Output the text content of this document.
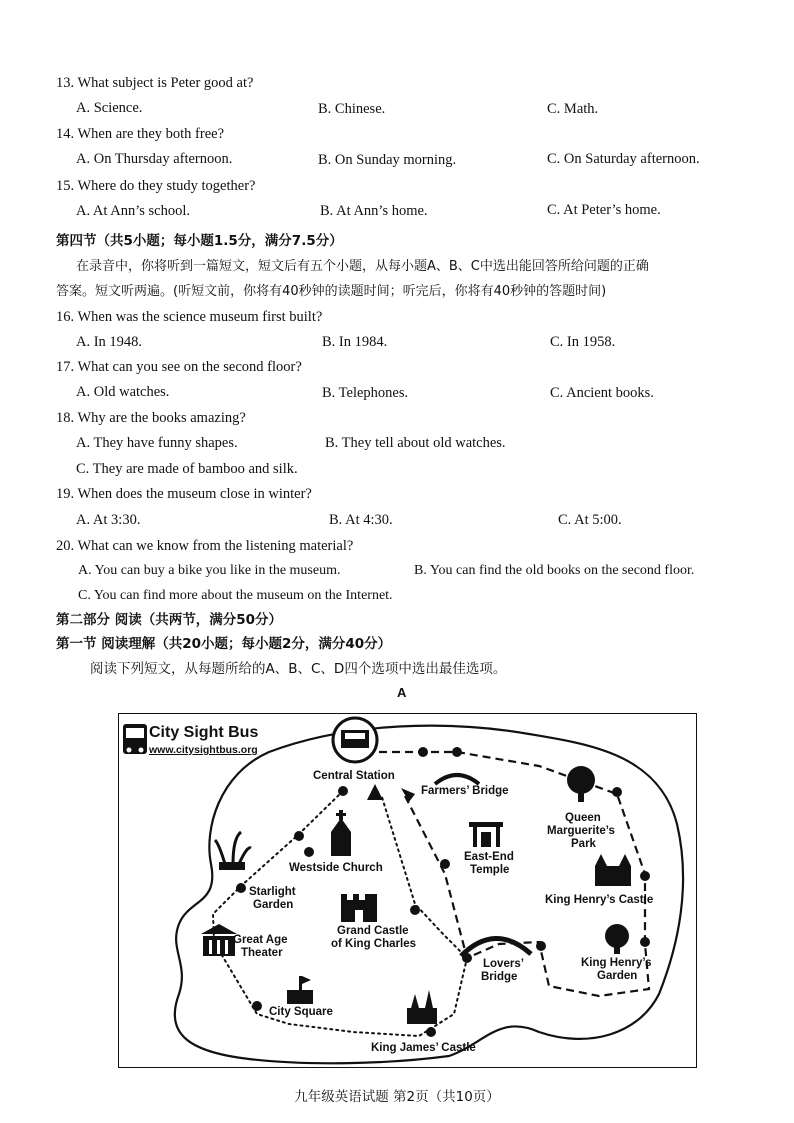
13. What subject is Peter good at?
A. Science.	B. Chinese.	C. Math.
14. When are they both free?
A. On Thursday afternoon.	B. On Sunday morning.	C. On Saturday afternoon.
15. Where do they study together?
A. At Ann’s school.	B. At Ann’s home.	C. At Peter’s home.
第四节（共5小题；每小题1.5分，满分7.5分）
在录音中，你将听到一篇短文，短文后有五个小题，从每小题A、B、C中选出能回答所给问题的正确
答案。短文听两遍。(听短文前，你将有40秒钟的读题时间；听完后，你将有40秒钟的答题时间)
16. When was the science museum first built?
A. In 1948.	B. In 1984.	C. In 1958.
17. What can you see on the second floor?
A. Old watches.	B. Telephones.	C. Ancient books.
18. Why are the books amazing?
A. They have funny shapes.	B. They tell about old watches.
C. They are made of bamboo and silk.
19. When does the museum close in winter?
A. At 3:30.	B. At 4:30.	C. At 5:00.
20. What can we know from the listening material?
A. You can buy a bike you like in the museum.	B. You can find the old books on the second floor.
C. You can find more about the museum on the Internet.
第二部分 阅读（共两节，满分50分）
第一节 阅读理解（共20小题；每小题2分，满分40分）
阅读下列短文，从每题所给的A、B、C、D四个选项中选出最佳选项。
A
City Sight Bus
www.citysightbus.org
Central Station
Farmers’ Bridge
Queen
Marguerite’s
Park
Westside Church
East-End
Temple
Starlight
Garden
Grand Castle
of King Charles
King Henry’s Castle
Great Age
Theater
Lovers’
Bridge
King Henry’s
Garden
City Square
King James’ Castle
九年级英语试题 第2页（共10页）
